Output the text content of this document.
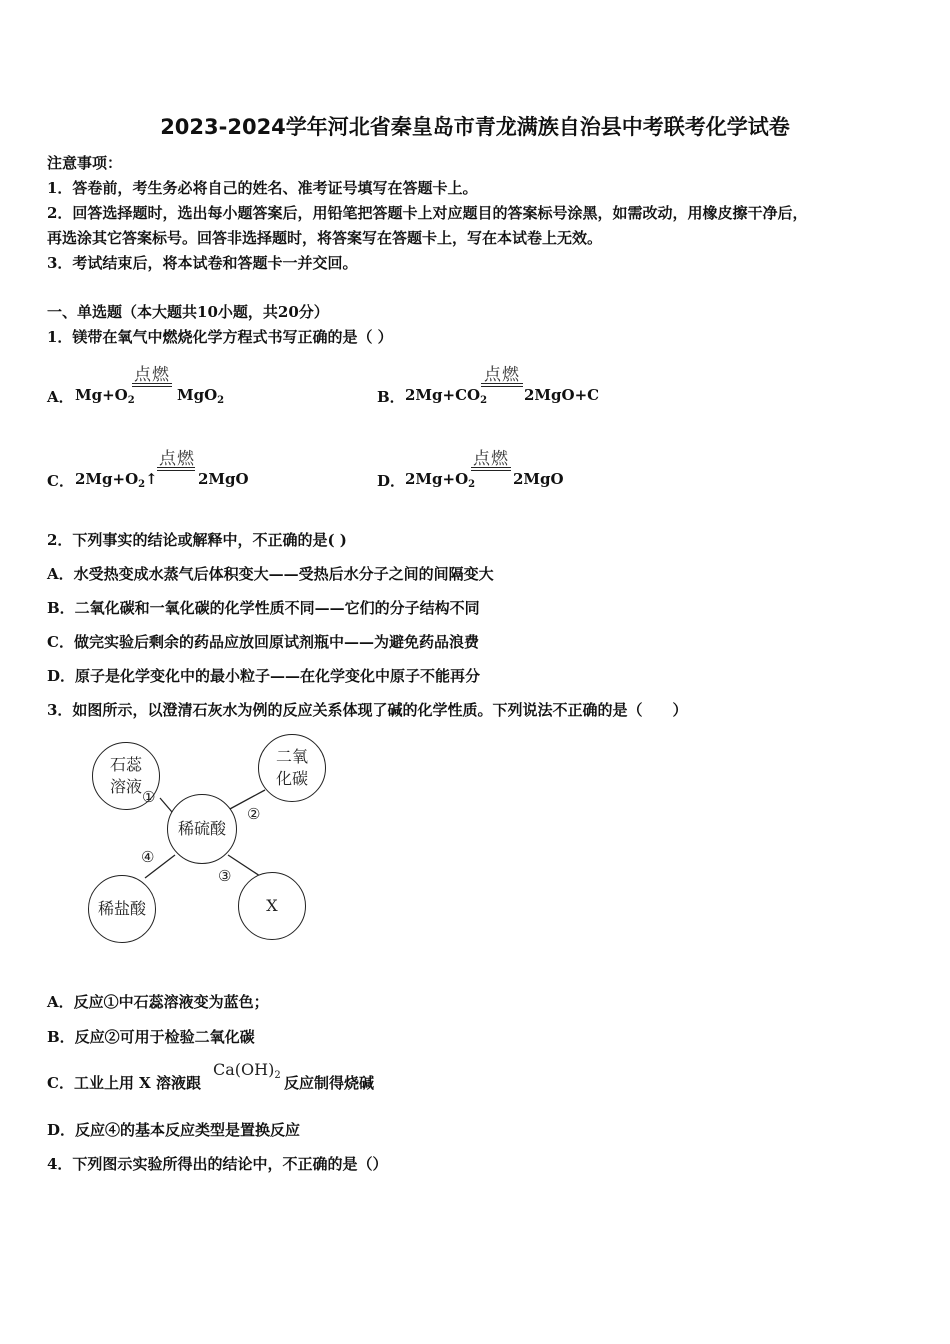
2023-2024学年河北省秦皇岛市青龙满族自治县中考联考化学试卷
注意事项：
1．答卷前，考生务必将自己的姓名、准考证号填写在答题卡上。
2．回答选择题时，选出每小题答案后，用铅笔把答题卡上对应题目的答案标号涂黑，如需改动，用橡皮擦干净后，
再选涂其它答案标号。回答非选择题时，将答案写在答题卡上，写在本试卷上无效。
3．考试结束后，将本试卷和答题卡一并交回。
一、单选题（本大题共10小题，共20分）
1．镁带在氧气中燃烧化学方程式书写正确的是（ ）
A． $Mg+O_2$
点燃
MgO$_2$	B． $2Mg+CO_2$
点燃
2MgO+C
C． $2Mg+O_2↑$
点燃
2MgO	D． $2Mg+O_2$
点燃
2MgO
2．下列事实的结论或解释中，不正确的是( )
A．水受热变成水蒸气后体积变大——受热后水分子之间的间隔变大
B．二氧化碳和一氧化碳的化学性质不同——它们的分子结构不同
C．做完实验后剩余的药品应放回原试剂瓶中——为避免药品浪费
D．原子是化学变化中的最小粒子——在化学变化中原子不能再分
3．如图所示，以澄清石灰水为例的反应关系体现了碱的化学性质。下列说法不正确的是（　　）
石蕊
溶液
二氧
化碳
稀硫酸
稀盐酸	X
①
②
③
④
A．反应①中石蕊溶液变为蓝色；
B．反应②可用于检验二氧化碳
C．工业上用 X 溶液跟
$Ca(OH)_2$ 反应制得烧碱
D．反应④的基本反应类型是置换反应
4．下列图示实验所得出的结论中，不正确的是（）
